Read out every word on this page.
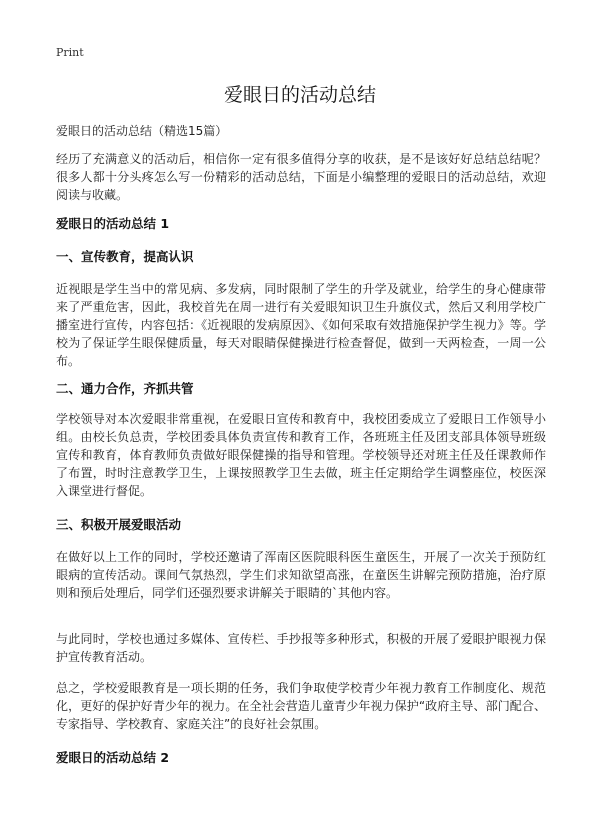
Print
爱眼日的活动总结
爱眼日的活动总结（精选15篇）

经历了充满意义的活动后，相信你一定有很多值得分享的收获，是不是该好好总结总结呢？很多人都十分头疼怎么写一份精彩的活动总结，下面是小编整理的爱眼日的活动总结，欢迎阅读与收藏。

爱眼日的活动总结 1
一、宣传教育，提高认识

近视眼是学生当中的常见病、多发病，同时限制了学生的升学及就业，给学生的身心健康带来了严重危害，因此，我校首先在周一进行有关爱眼知识卫生升旗仪式，然后又利用学校广播室进行宣传，内容包括：《近视眼的发病原因》、《如何采取有效措施保护学生视力》等。学校为了保证学生眼保健质量，每天对眼睛保健操进行检查督促，做到一天两检查，一周一公布。

二、通力合作，齐抓共管

学校领导对本次爱眼非常重视，在爱眼日宣传和教育中，我校团委成立了爱眼日工作领导小组。由校长负总责，学校团委具体负责宣传和教育工作，各班班主任及团支部具体领导班级宣传和教育，体育教师负责做好眼保健操的指导和管理。学校领导还对班主任及任课教师作了布置，时时注意教学卫生，上课按照教学卫生去做，班主任定期给学生调整座位，校医深入课堂进行督促。

三、积极开展爱眼活动

在做好以上工作的同时，学校还邀请了浑南区医院眼科医生童医生，开展了一次关于预防红眼病的宣传活动。课间气氛热烈，学生们求知欲望高涨，在童医生讲解完预防措施，治疗原则和预后处理后，同学们还强烈要求讲解关于眼睛的`其他内容。

与此同时，学校也通过多媒体、宣传栏、手抄报等多种形式，积极的开展了爱眼护眼视力保护宣传教育活动。

总之，学校爱眼教育是一项长期的任务，我们争取使学校青少年视力教育工作制度化、规范化，更好的保护好青少年的视力。在全社会营造儿童青少年视力保护“政府主导、部门配合、专家指导、学校教育、家庭关注”的良好社会氛围。

爱眼日的活动总结 2
